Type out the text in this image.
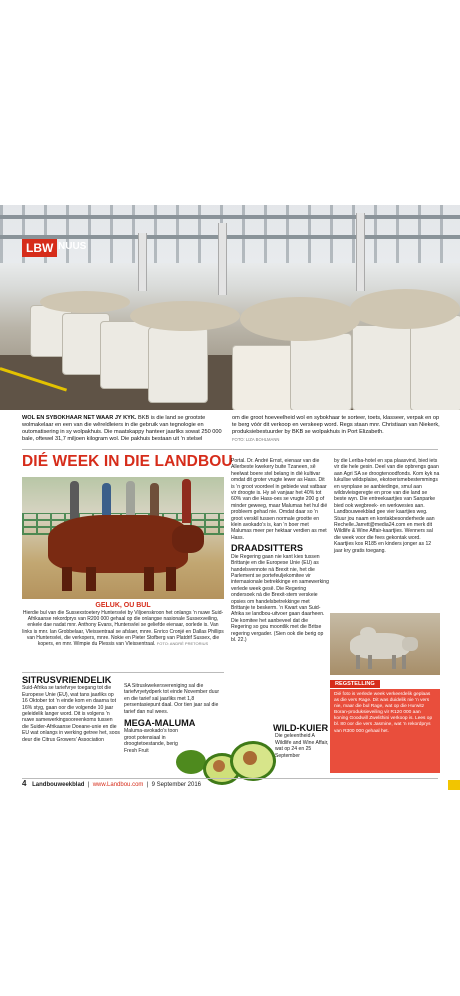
LBW NUUS
WOL EN SYBOKHAAR NET WAAR JY KYK. BKB is die land se grootste wolmakelaar en een van die wêreldleiers in die gebruik van tegnologie en outomatisering in sy wolpakhuis. Die maatskappy hanteer jaarliks sowat 250 000 bale, oftewel 31,7 miljoen kilogram wol. Die pakhuis bestaan uit ’n stelsel
om die groot hoeveelheid wol en sybokhaar te sorteer, toets, klasseer, verpak en op te berg vóór dit verkoop en verskeep word. Regs staan mnr. Christiaan van Niekerk, produksiebestuurder by BKB se wolpakhuis in Port Elizabeth.
FOTO: LIZA BOHLMANN
DIÉ WEEK IN DIE LANDBOU
GELUK, OU BUL
Hierdie bul van die Sussexstoetery Huntersvlei by Viljoenskroon het onlangs ’n nuwe Suid-Afrikaanse rekordprys van R200 000 gehaal op die onlangse nasionale Sussexveiling, enkele dae nadat mnr. Anthony Evans, Huntersvlei se geliefde eienaar, oorlede is. Van links is mnr. Ian Grobbelaar, Vleissentraal se afslaer, mnre. Enrico Cronjé en Dallas Phillips van Huntersvlei, die verkopers, mnre. Nokie en Pieter Stofberg van Platdrif Sussex, die kopers, en mnr. Wimpie du Plessis van Vleissentraal. FOTO: ANDRÉ PRETORIUS
SITRUSVRIENDELIK

Suid-Afrika se tariefvrye toegang tot die Europese Unie (EU), wat tans jaarliks op 16 Oktober tot ’n einde kom en daarna tot 16% styg, gaan oor die volgende 10 jaar geleidelik langer word. Dit is volgens ’n nuwe samewerkingsooreenkoms tussen die Suider-Afrikaanse Doeane-unie en die EU wat onlangs in werking getree het, soos deur die Citrus Growers’ Association

SA Sitruskwekersvereniging sal die tariefvryetydperk tot einde November duur en die tarief sal jaarliks met 1,8 persentasiepunt daal. Oor tien jaar sal die tarief dan nul wees.

MEGA-MALUMA

Maluma-avokado’s toon groot potensiaal in droogtetoestande, berig Fresh Fruit

Portal. Dr. André Ernst, eienaar van die Allerbeste kwekery buite Tzaneen, sê heelwat boere stel belang in dié kultivar omdat dit groter vrugte lewer as Hass. Dit is ’n groot voordeel in gebiede wat vatbaar vir droogte is. Hy sê vanjaar het 40% tot 60% van die Hass-oes se vrugte 200 g of minder geweeg, maar Malumas het hul dié probleem gehad nie. Omdat daar so ’n groot verskil tussen normale grootte en klein avokado’s is, kan ’n boer met Malumas meer per hektaar verdien as met Hass.

DRAADSITTERS

Die Regering gaan nie kant kies tussen Brittanje en die Europese Unie (EU) as handelsvennote ná Brexit nie, het die Parlement se portefeuljekomitee vir internasionale betrekkinge en samewerking verlede week gesê. Die Regering ondersoek ná die Brexit-stem verskeie opsies om handelsbetrekkinge met Brittanje te beskerm. ’n Kwart van Suid-Afrika se landbou-uitvoer gaan daarheen. Die komitee het aanbeveel dat die Regering so gou moontlik met die Britse regering vergader. (Sien ook die berig op bl. 22.)

WILD-KUIER

Die geleentheid A Wildlife and Wine Affair, wat op 24 en 25 September

by die Leriba-hotel en spa plaasvind, bied iets vir die hele gesin. Deel van die opbrengs gaan aan Agri SA se droogtenoodfonds. Kom kyk na lukullse wildsplaise, ekotoerismebestemmings en wynplase se aanbiedinge, smul aan wildsvleisgeregte en proe van die land se beste wyn. Die entreekaartjies van Sanparke bied ook wegbreek- en werkwesies aan. Landbouweekblad gee vier kaartjies weg. Stuur jou naam en kontakbesonderhede aan Rechelle.Jarrett@media24.com en merk dit Wildlife & Wine Affair-kaartjies. Wenners sal die week voor die fees gekontak word. Kaartjies kos R185 en kinders jonger as 12 jaar kry gratis toegang.

REGSTELLING
Dié foto is verlede week verkeerdelik geplaas as die vers Rage. Dit was duidelik nie ’n vers nie, maar die bul Rage, wat op die Hurwitz Boran-produksieveiling vir R120 000 aan koning Goodwill Zwelithini verkoop is. Lees op bl. 80 oor die vers Jasmine, wat ’n rekordprys van R300 000 gehaal het.
4 Landbouweekblad  |  www.Landbou.com  |  9 September 2016
